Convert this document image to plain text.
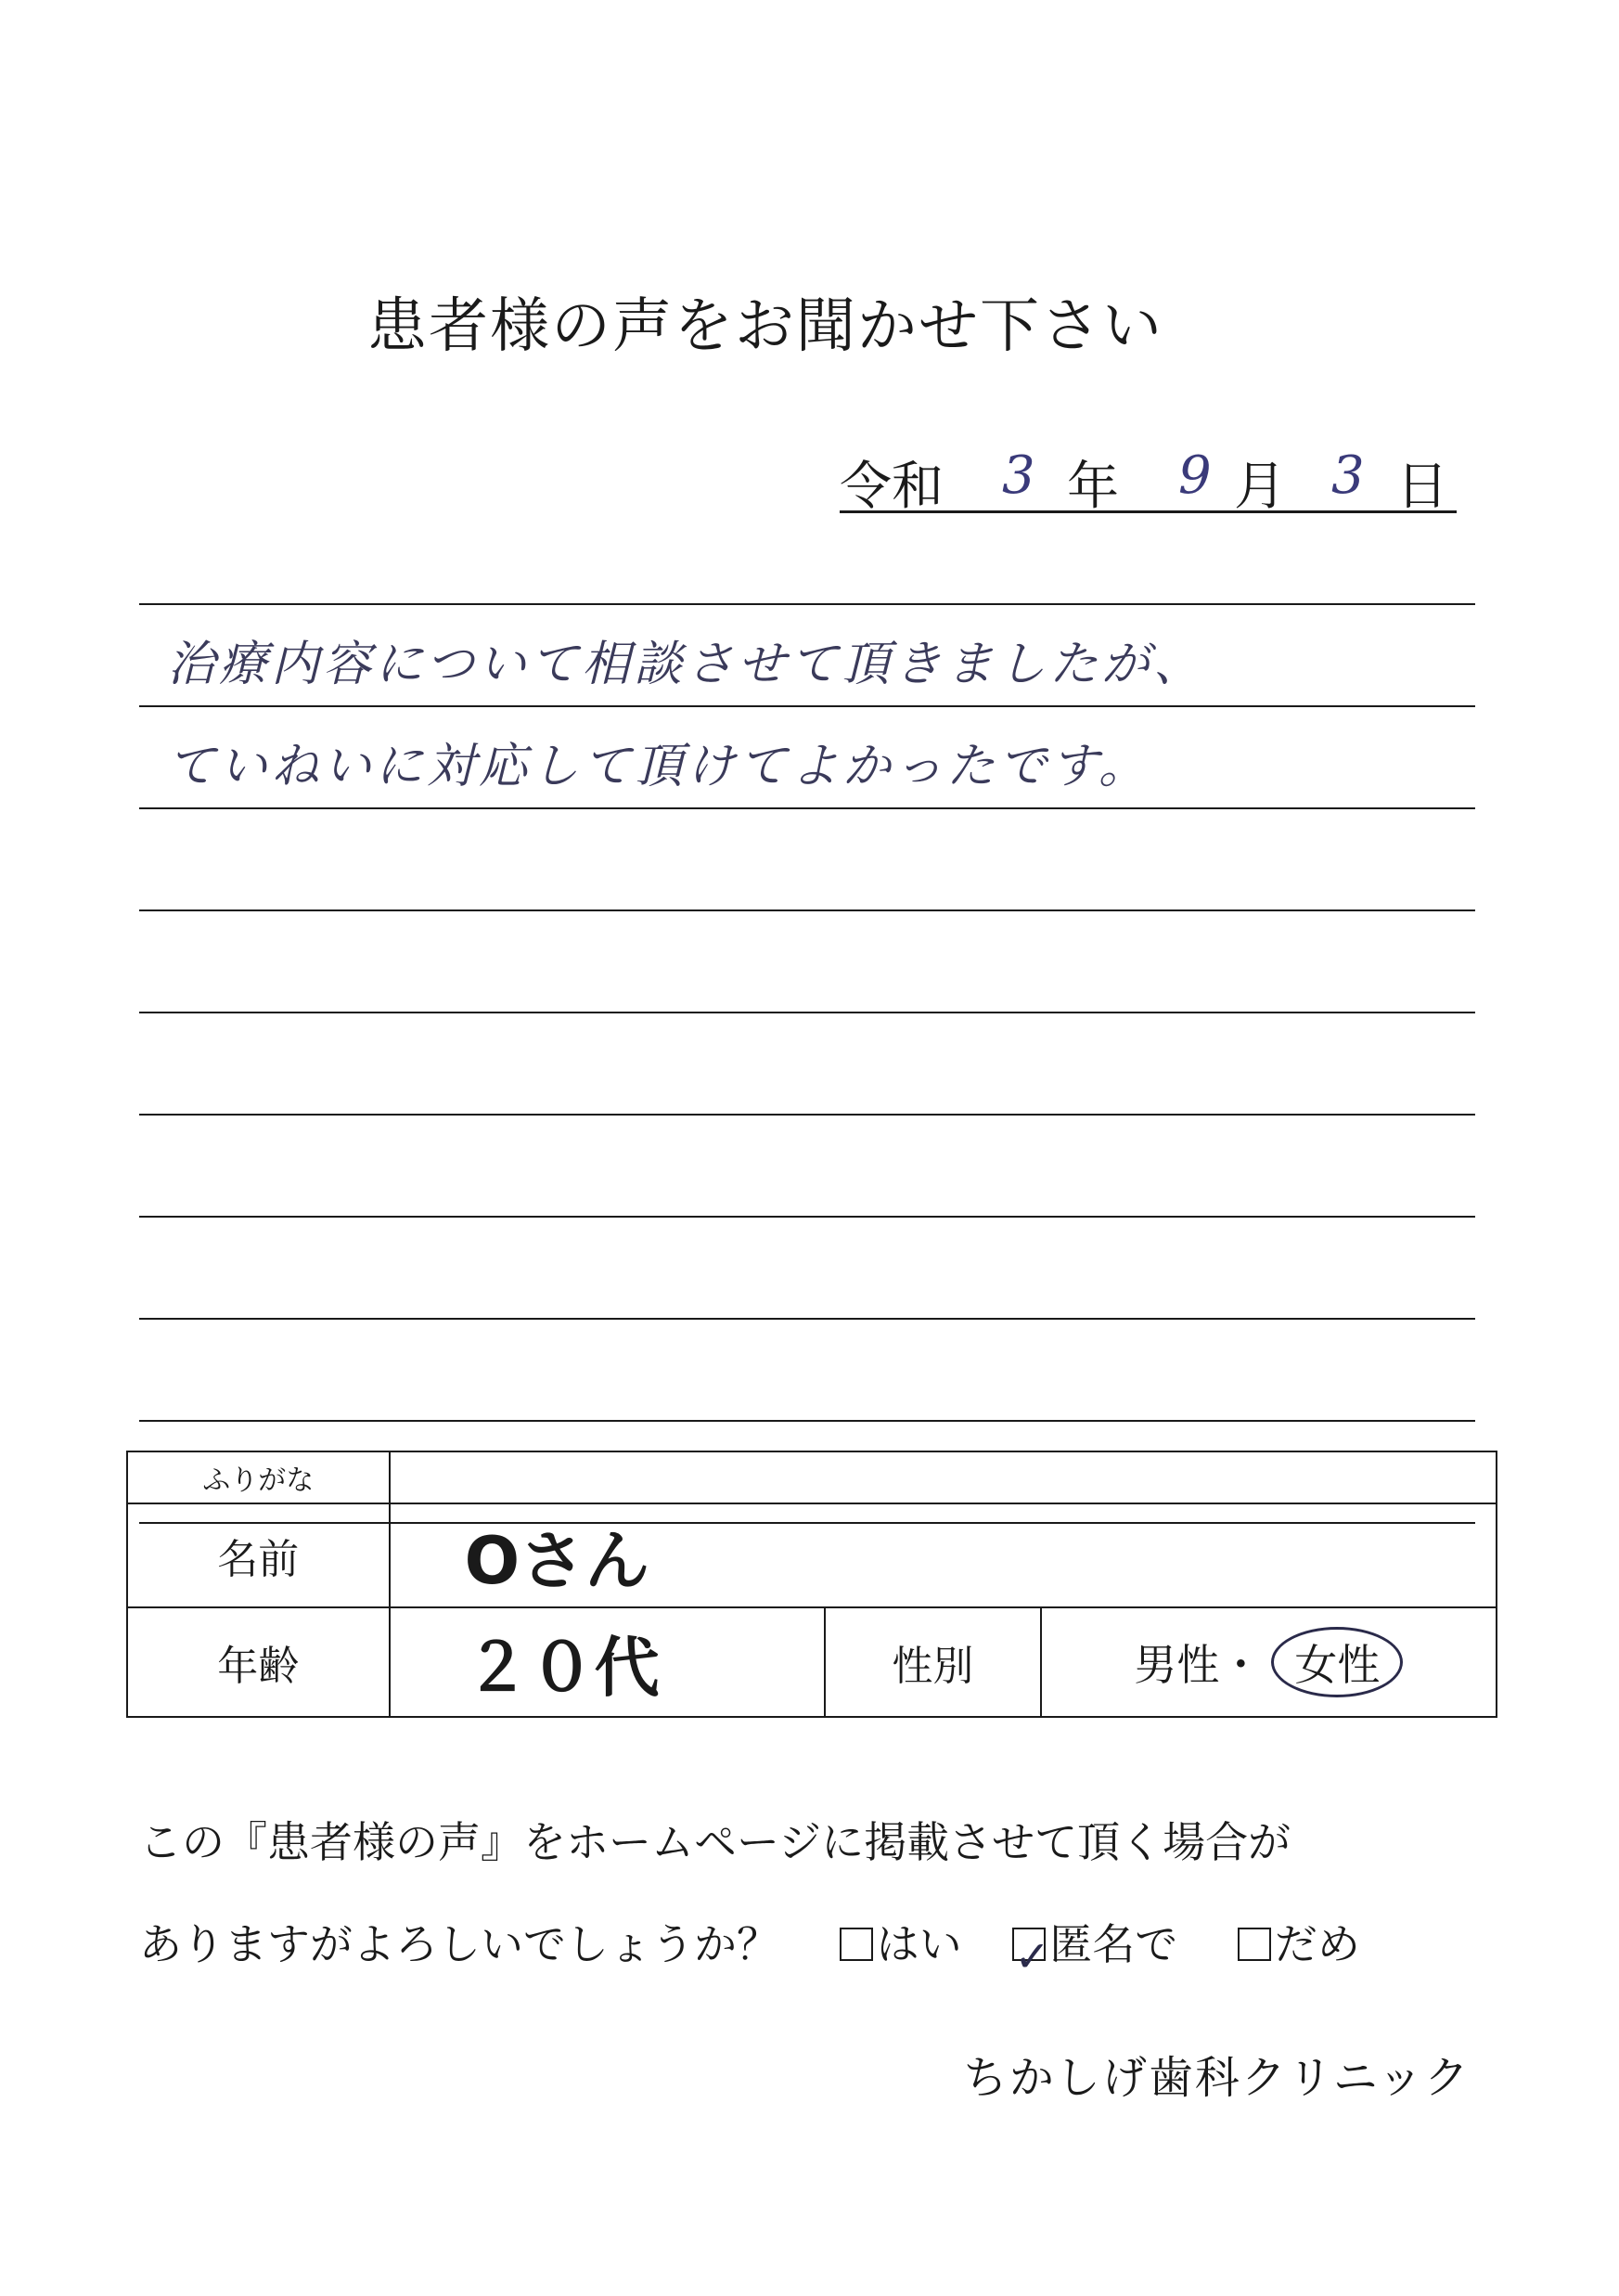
患者様の声をお聞かせ下さい
令和 3 年 9 月 3 日
治療内容について相談させて頂きましたが、
ていねいに対応して頂けてよかったです。
ふりがな			
名前	Oさん		
年齢	２０代	性別	男性・ 女性
この『患者様の声』をホームページに掲載させて頂く場合が
ありますがよろしいでしょうか？ はい ✓ 匿名で だめ
ちかしげ歯科クリニック
